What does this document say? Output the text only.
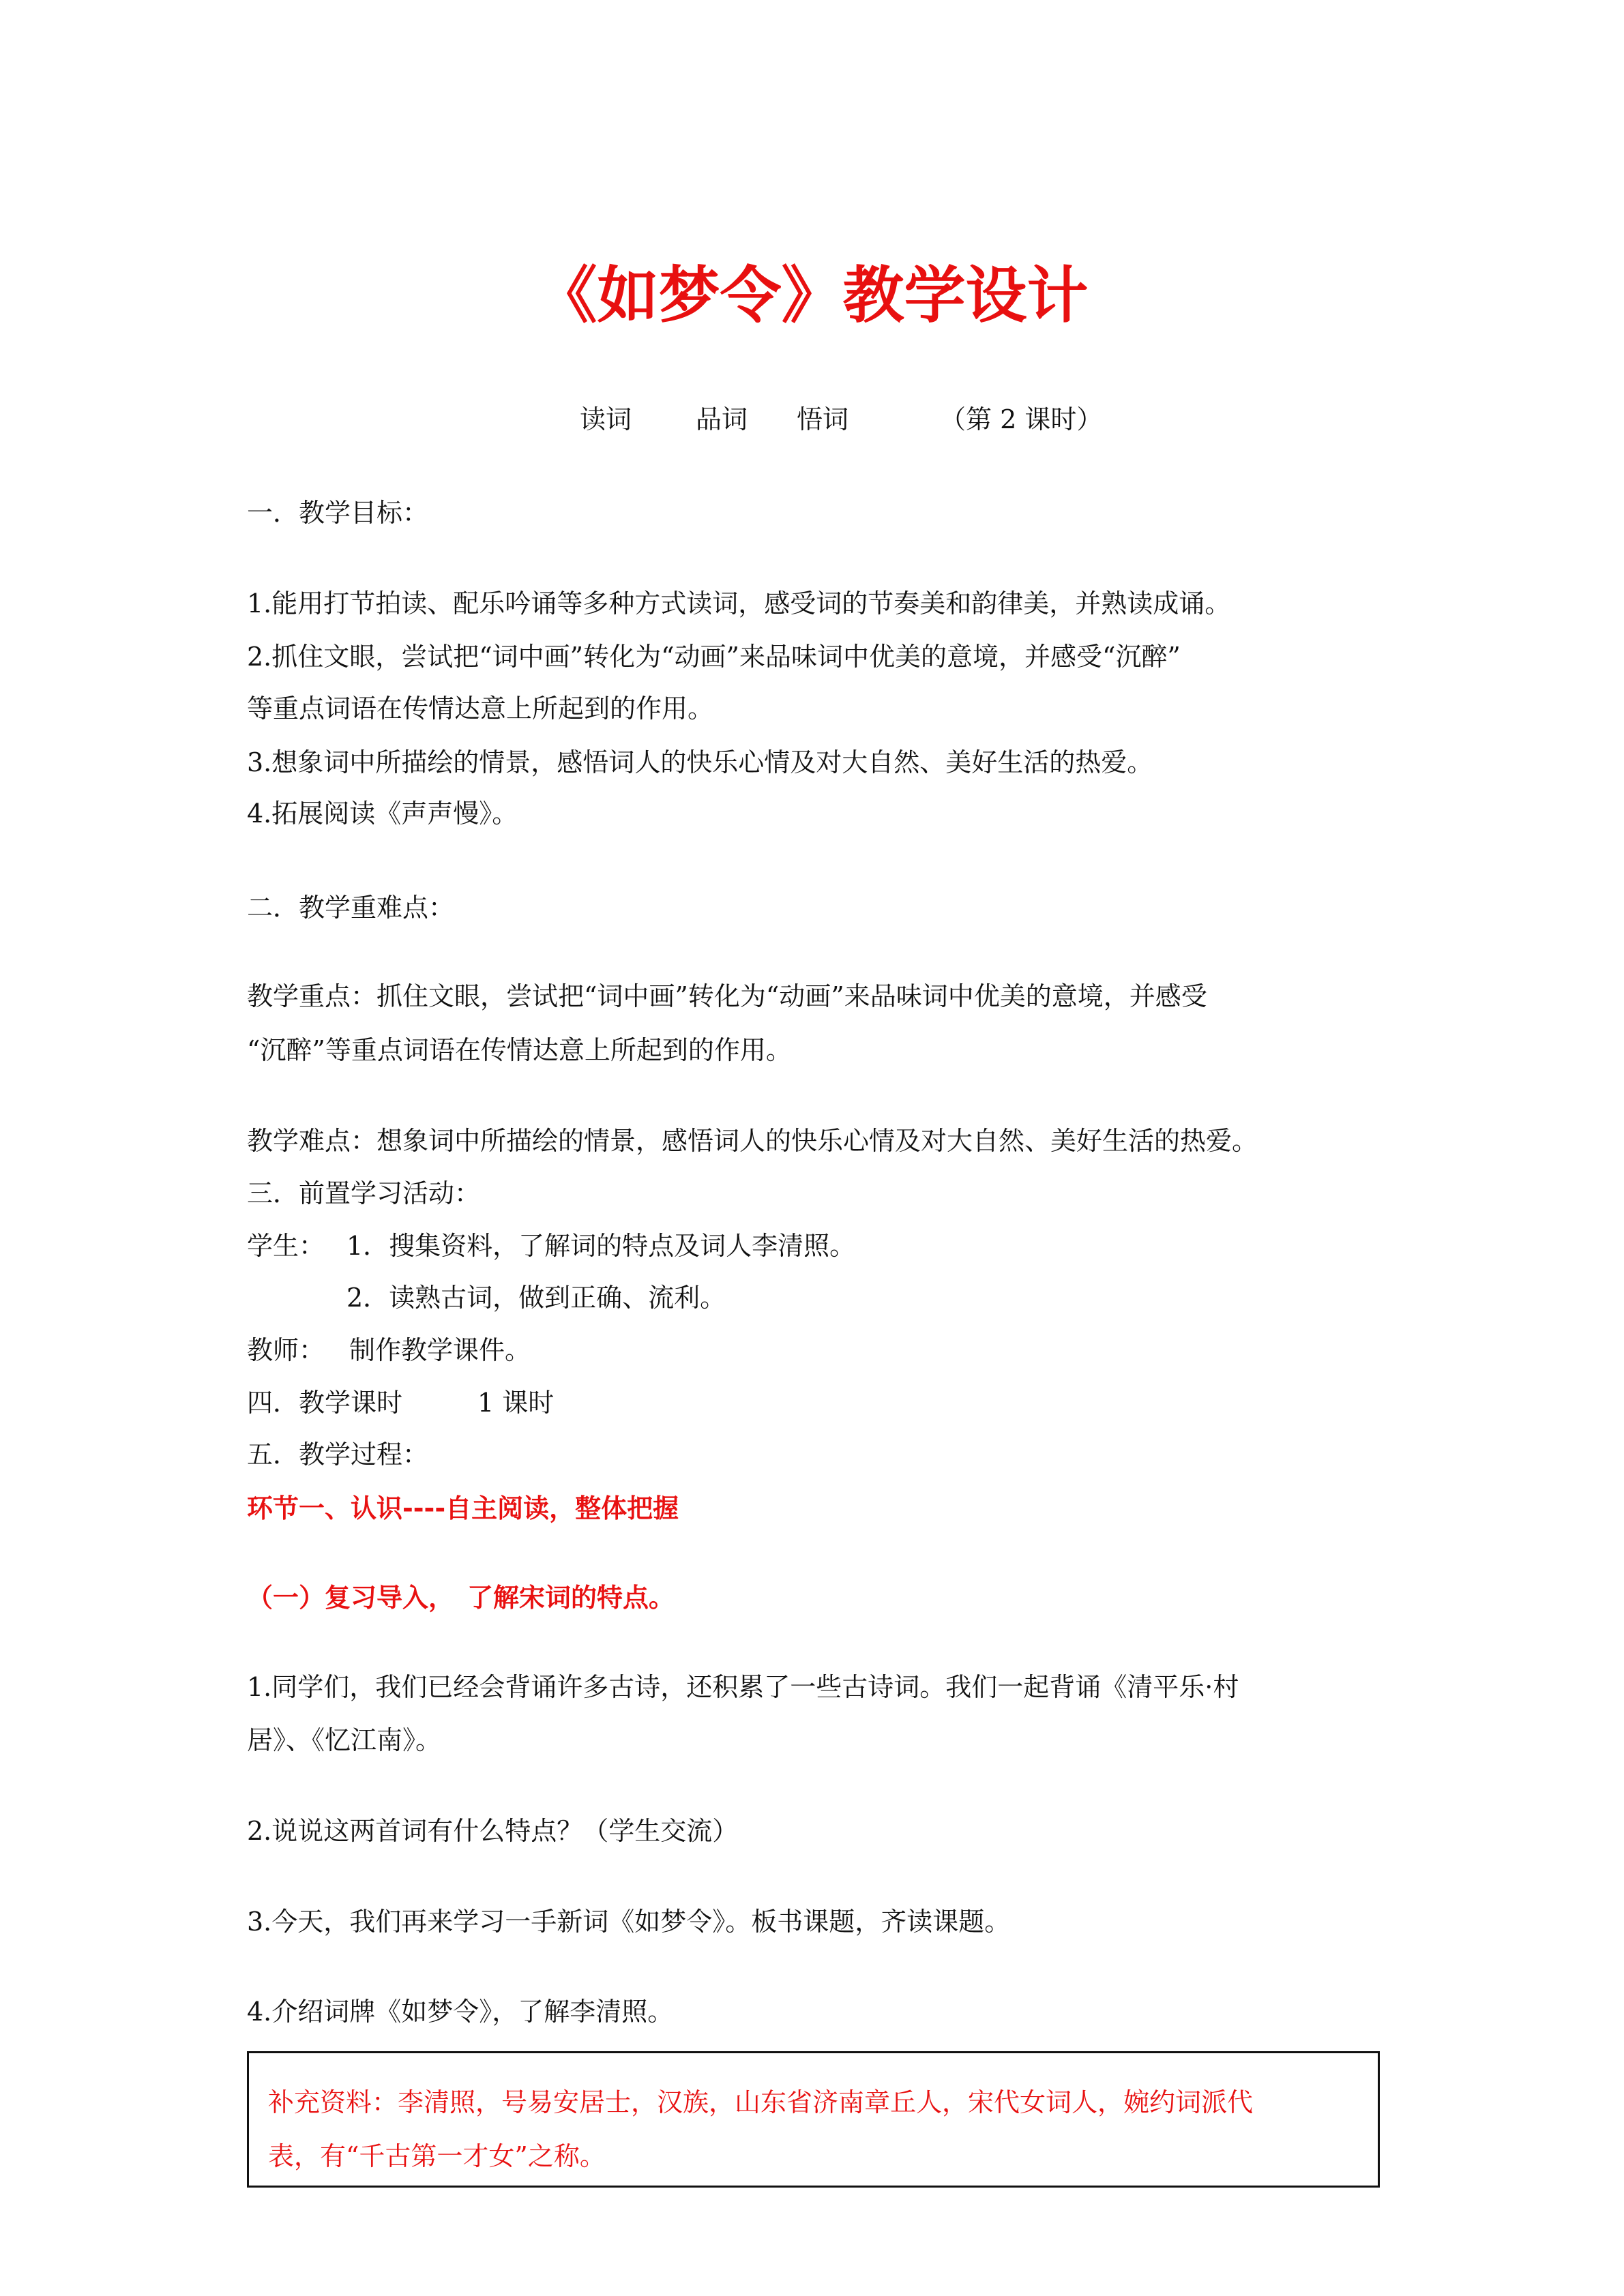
《如梦令》教学设计
读词 品词 悟词	（第 2 课时）
一．教学目标：
1.能用打节拍读、配乐吟诵等多种方式读词，感受词的节奏美和韵律美，并熟读成诵。
2.抓住文眼，尝试把“词中画”转化为“动画”来品味词中优美的意境，并感受“沉醉”
等重点词语在传情达意上所起到的作用。
3.想象词中所描绘的情景，感悟词人的快乐心情及对大自然、美好生活的热爱。
4.拓展阅读《声声慢》。
二．教学重难点：
教学重点：抓住文眼，尝试把“词中画”转化为“动画”来品味词中优美的意境，并感受
“沉醉”等重点词语在传情达意上所起到的作用。
教学难点：想象词中所描绘的情景，感悟词人的快乐心情及对大自然、美好生活的热爱。
三．前置学习活动：
学生： 1．搜集资料，了解词的特点及词人李清照。
2．读熟古词，做到正确、流利。
教师： 制作教学课件。
四．教学课时	1 课时
五．教学过程：
环节一、认识----自主阅读，整体把握
（一）复习导入，　了解宋词的特点。
1.同学们，我们已经会背诵许多古诗，还积累了一些古诗词。我们一起背诵《清平乐·村
居》、《忆江南》。
2.说说这两首词有什么特点？（学生交流）
3.今天，我们再来学习一手新词《如梦令》。板书课题，齐读课题。
4.介绍词牌《如梦令》，了解李清照。

补充资料：李清照，号易安居士，汉族，山东省济南章丘人，宋代女词人，婉约词派代

表，有“千古第一才女”之称。
